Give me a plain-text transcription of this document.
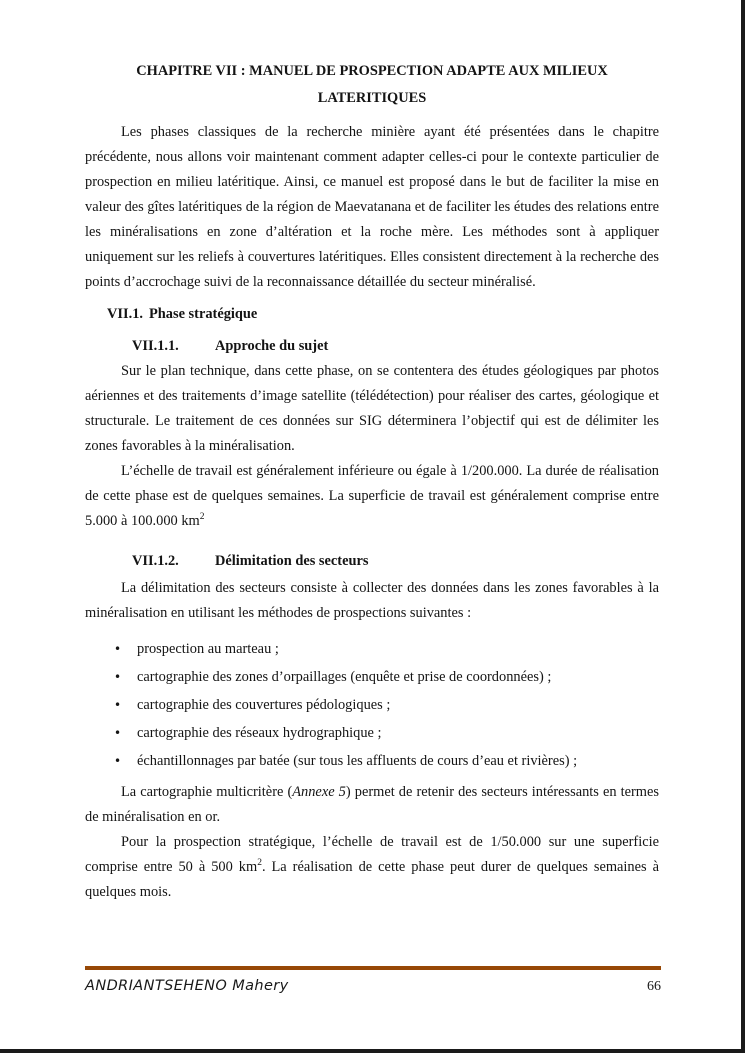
CHAPITRE VII : MANUEL DE PROSPECTION ADAPTE AUX MILIEUX
LATERITIQUES

Les phases classiques de la recherche minière ayant été présentées dans le chapitre précédente, nous allons voir maintenant comment adapter celles-ci pour le contexte particulier de prospection en milieu latéritique. Ainsi, ce manuel est proposé dans le but de faciliter la mise en valeur des gîtes latéritiques de la région de Maevatanana et de faciliter les études des relations entre les minéralisations en zone d’altération et la roche mère. Les méthodes sont à appliquer uniquement sur les reliefs à couvertures latéritiques. Elles consistent directement à la recherche des points d’accrochage suivi de la reconnaissance détaillée du secteur minéralisé.

VII.1. Phase stratégique
VII.1.1.	Approche du sujet

Sur le plan technique, dans cette phase, on se contentera des études géologiques par photos aériennes et des traitements d’image satellite (télédétection) pour réaliser des cartes, géologique et structurale. Le traitement de ces données sur SIG déterminera l’objectif qui est de délimiter les zones favorables à la minéralisation.

L’échelle de travail est généralement inférieure ou égale à 1/200.000. La durée de réalisation de cette phase est de quelques semaines. La superficie de travail est généralement comprise entre 5.000 à 100.000 $km^2$

VII.1.2.	Délimitation des secteurs

La délimitation des secteurs consiste à collecter des données dans les zones favorables à la minéralisation en utilisant les méthodes de prospections suivantes :

•	prospection au marteau ;
•	cartographie des zones d’orpaillages (enquête et prise de coordonnées) ;
•	cartographie des couvertures pédologiques ;
•	cartographie des réseaux hydrographique ;
•	échantillonnages par batée (sur tous les affluents de cours d’eau et rivières) ;

La cartographie multicritère (Annexe 5) permet de retenir des secteurs intéressants en termes de minéralisation en or.

Pour la prospection stratégique, l’échelle de travail est de 1/50.000 sur une superficie comprise entre 50 à 500 $km^2$. La réalisation de cette phase peut durer de quelques semaines à quelques mois.

ANDRIANTSEHENO Mahery	66
